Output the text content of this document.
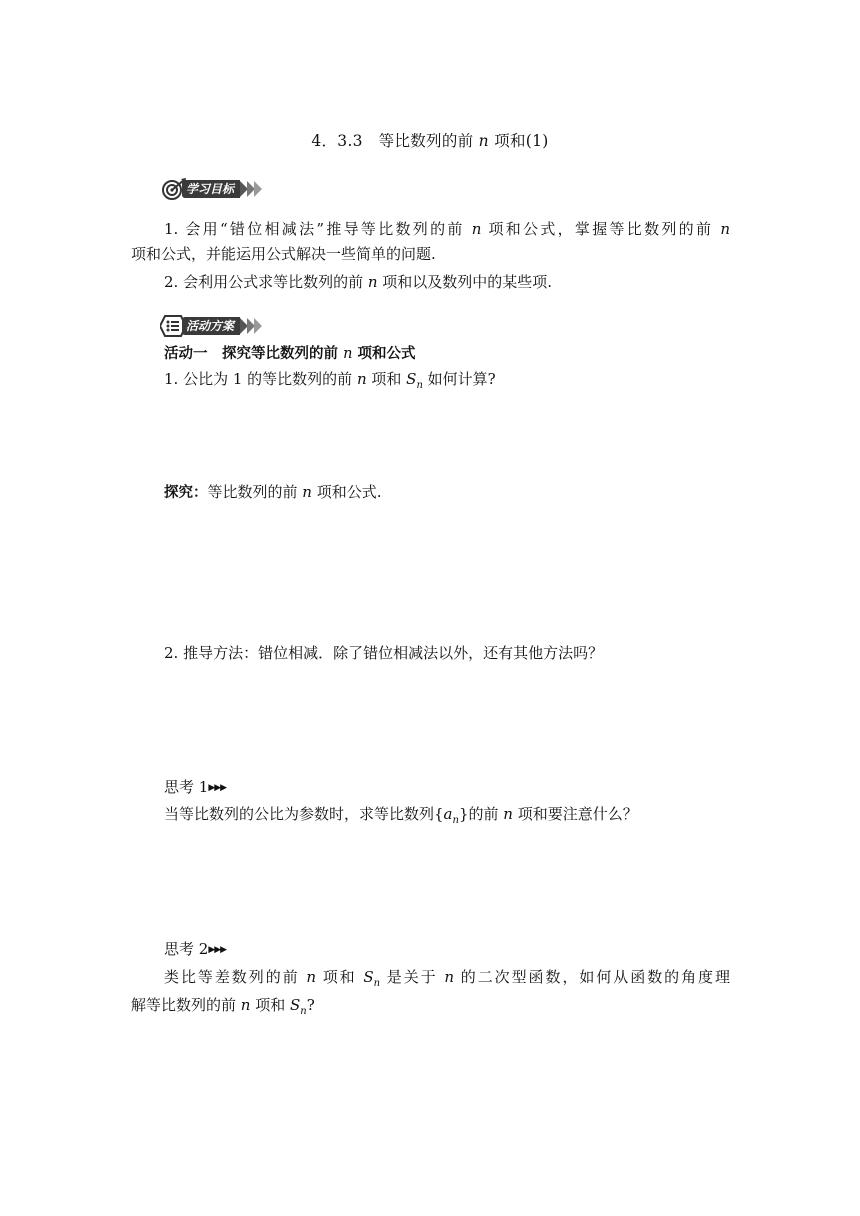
4．3.3　等比数列的前 n 项和(1)
学习目标
1. 会用“错位相减法”推导等比数列的前 n 项和公式，掌握等比数列的前 n
项和公式，并能运用公式解决一些简单的问题.
2. 会利用公式求等比数列的前 n 项和以及数列中的某些项.
活动方案
活动一　探究等比数列的前 n 项和公式
1. 公比为 1 的等比数列的前 n 项和 $S_n$ 如何计算?
探究：等比数列的前 n 项和公式.
2. 推导方法：错位相减．除了错位相减法以外，还有其他方法吗？
思考 1▶▶▶
当等比数列的公比为参数时，求等比数列$\{a_n\}$的前 n 项和要注意什么？
思考 2▶▶▶
类比等差数列的前 n 项和 $S_n$ 是关于 n 的二次型函数，如何从函数的角度理
解等比数列的前 n 项和 $S_n$?
